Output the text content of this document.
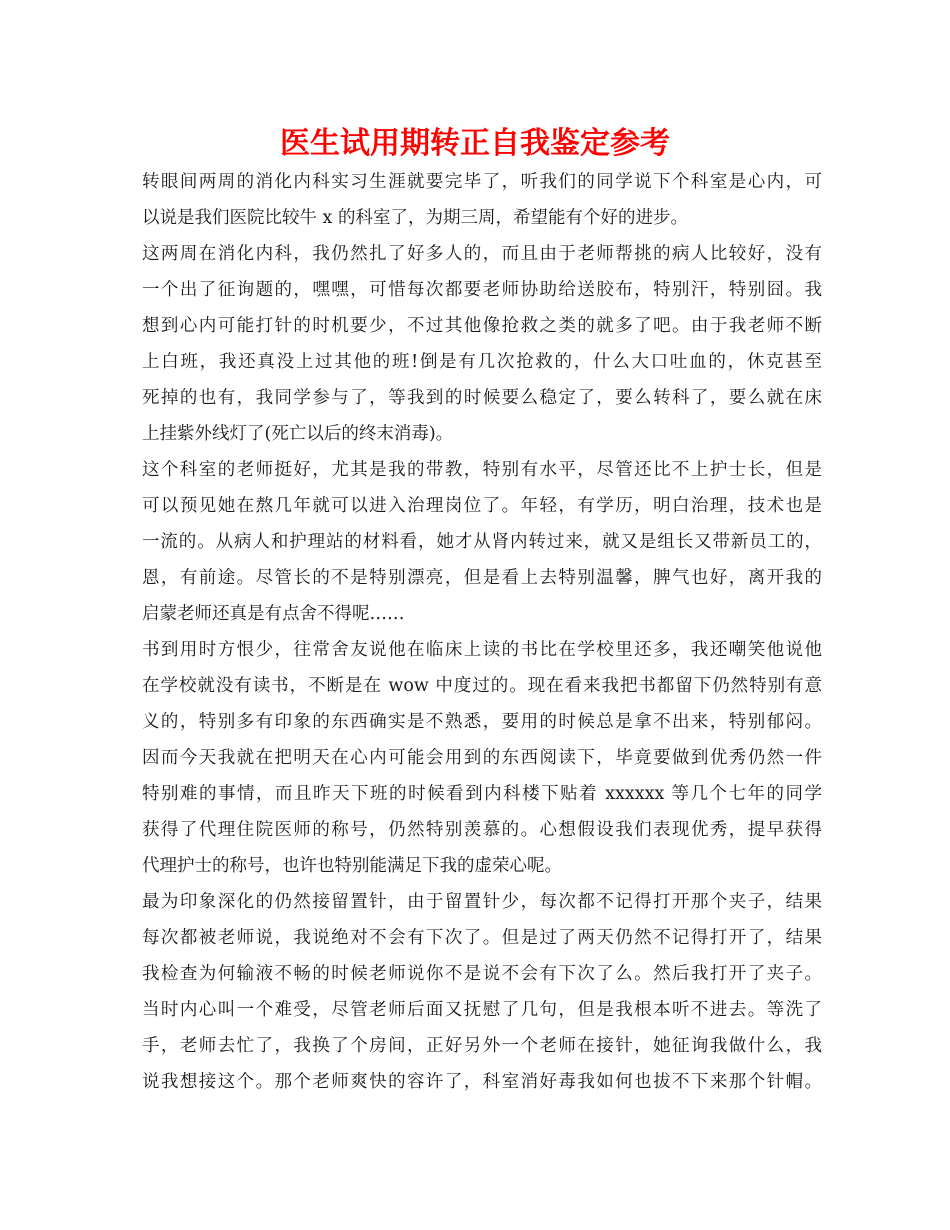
医生试用期转正自我鉴定参考
转眼间两周的消化内科实习生涯就要完毕了，听我们的同学说下个科室是心内，可
以说是我们医院比较牛 x 的科室了，为期三周，希望能有个好的进步。
这两周在消化内科，我仍然扎了好多人的，而且由于老师帮挑的病人比较好，没有
一个出了征询题的，嘿嘿，可惜每次都要老师协助给送胶布，特别汗，特别囧。我
想到心内可能打针的时机要少，不过其他像抢救之类的就多了吧。由于我老师不断
上白班，我还真没上过其他的班!倒是有几次抢救的，什么大口吐血的，休克甚至
死掉的也有，我同学参与了，等我到的时候要么稳定了，要么转科了，要么就在床
上挂紫外线灯了(死亡以后的终末消毒)。
这个科室的老师挺好，尤其是我的带教，特别有水平，尽管还比不上护士长，但是
可以预见她在熬几年就可以进入治理岗位了。年轻，有学历，明白治理，技术也是
一流的。从病人和护理站的材料看，她才从肾内转过来，就又是组长又带新员工的，
恩，有前途。尽管长的不是特别漂亮，但是看上去特别温馨，脾气也好，离开我的
启蒙老师还真是有点舍不得呢……
书到用时方恨少，往常舍友说他在临床上读的书比在学校里还多，我还嘲笑他说他
在学校就没有读书，不断是在 wow 中度过的。现在看来我把书都留下仍然特别有意
义的，特别多有印象的东西确实是不熟悉，要用的时候总是拿不出来，特别郁闷。
因而今天我就在把明天在心内可能会用到的东西阅读下，毕竟要做到优秀仍然一件
特别难的事情，而且昨天下班的时候看到内科楼下贴着 xxxxxx 等几个七年的同学
获得了代理住院医师的称号，仍然特别羡慕的。心想假设我们表现优秀，提早获得
代理护士的称号，也许也特别能满足下我的虚荣心呢。
最为印象深化的仍然接留置针，由于留置针少，每次都不记得打开那个夹子，结果
每次都被老师说，我说绝对不会有下次了。但是过了两天仍然不记得打开了，结果
我检查为何输液不畅的时候老师说你不是说不会有下次了么。然后我打开了夹子。
当时内心叫一个难受，尽管老师后面又抚慰了几句，但是我根本听不进去。等洗了
手，老师去忙了，我换了个房间，正好另外一个老师在接针，她征询我做什么，我
说我想接这个。那个老师爽快的容许了，科室消好毒我如何也拔不下来那个针帽。
